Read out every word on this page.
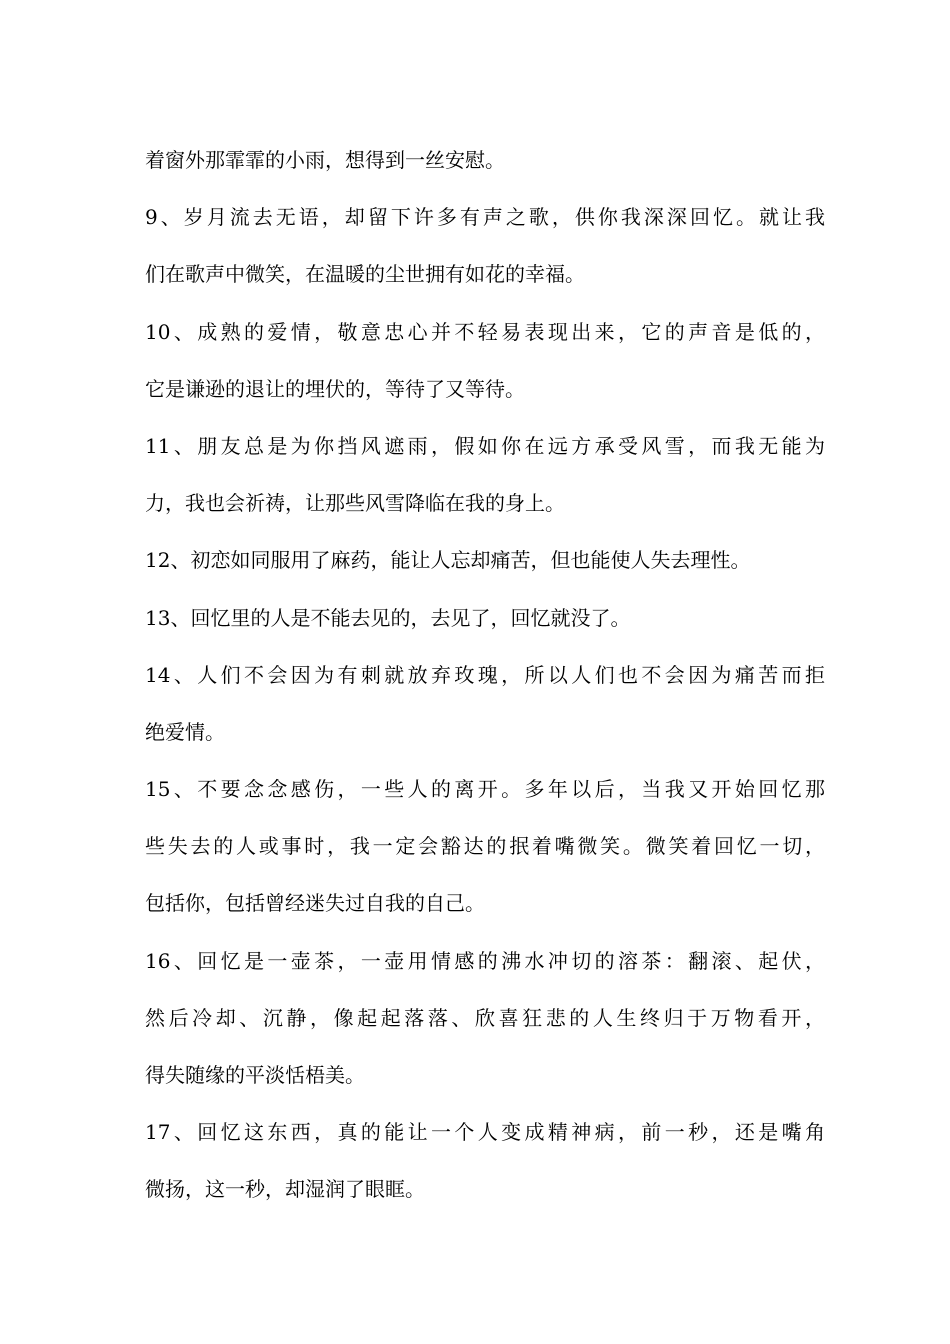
着窗外那霏霏的小雨，想得到一丝安慰。
9、岁月流去无语，却留下许多有声之歌，供你我深深回忆。就让我
们在歌声中微笑，在温暖的尘世拥有如花的幸福。
10、成熟的爱情，敬意忠心并不轻易表现出来，它的声音是低的，
它是谦逊的退让的埋伏的，等待了又等待。
11、朋友总是为你挡风遮雨，假如你在远方承受风雪，而我无能为
力，我也会祈祷，让那些风雪降临在我的身上。
12、初恋如同服用了麻药，能让人忘却痛苦，但也能使人失去理性。
13、回忆里的人是不能去见的，去见了，回忆就没了。
14、人们不会因为有刺就放弃玫瑰，所以人们也不会因为痛苦而拒
绝爱情。
15、不要念念感伤，一些人的离开。多年以后，当我又开始回忆那
些失去的人或事时，我一定会豁达的抿着嘴微笑。微笑着回忆一切，
包括你，包括曾经迷失过自我的自己。
16、回忆是一壶茶，一壶用情感的沸水冲切的溶茶：翻滚、起伏，
然后冷却、沉静，像起起落落、欣喜狂悲的人生终归于万物看开，
得失随缘的平淡恬梧美。
17、回忆这东西，真的能让一个人变成精神病，前一秒，还是嘴角
微扬，这一秒，却湿润了眼眶。
